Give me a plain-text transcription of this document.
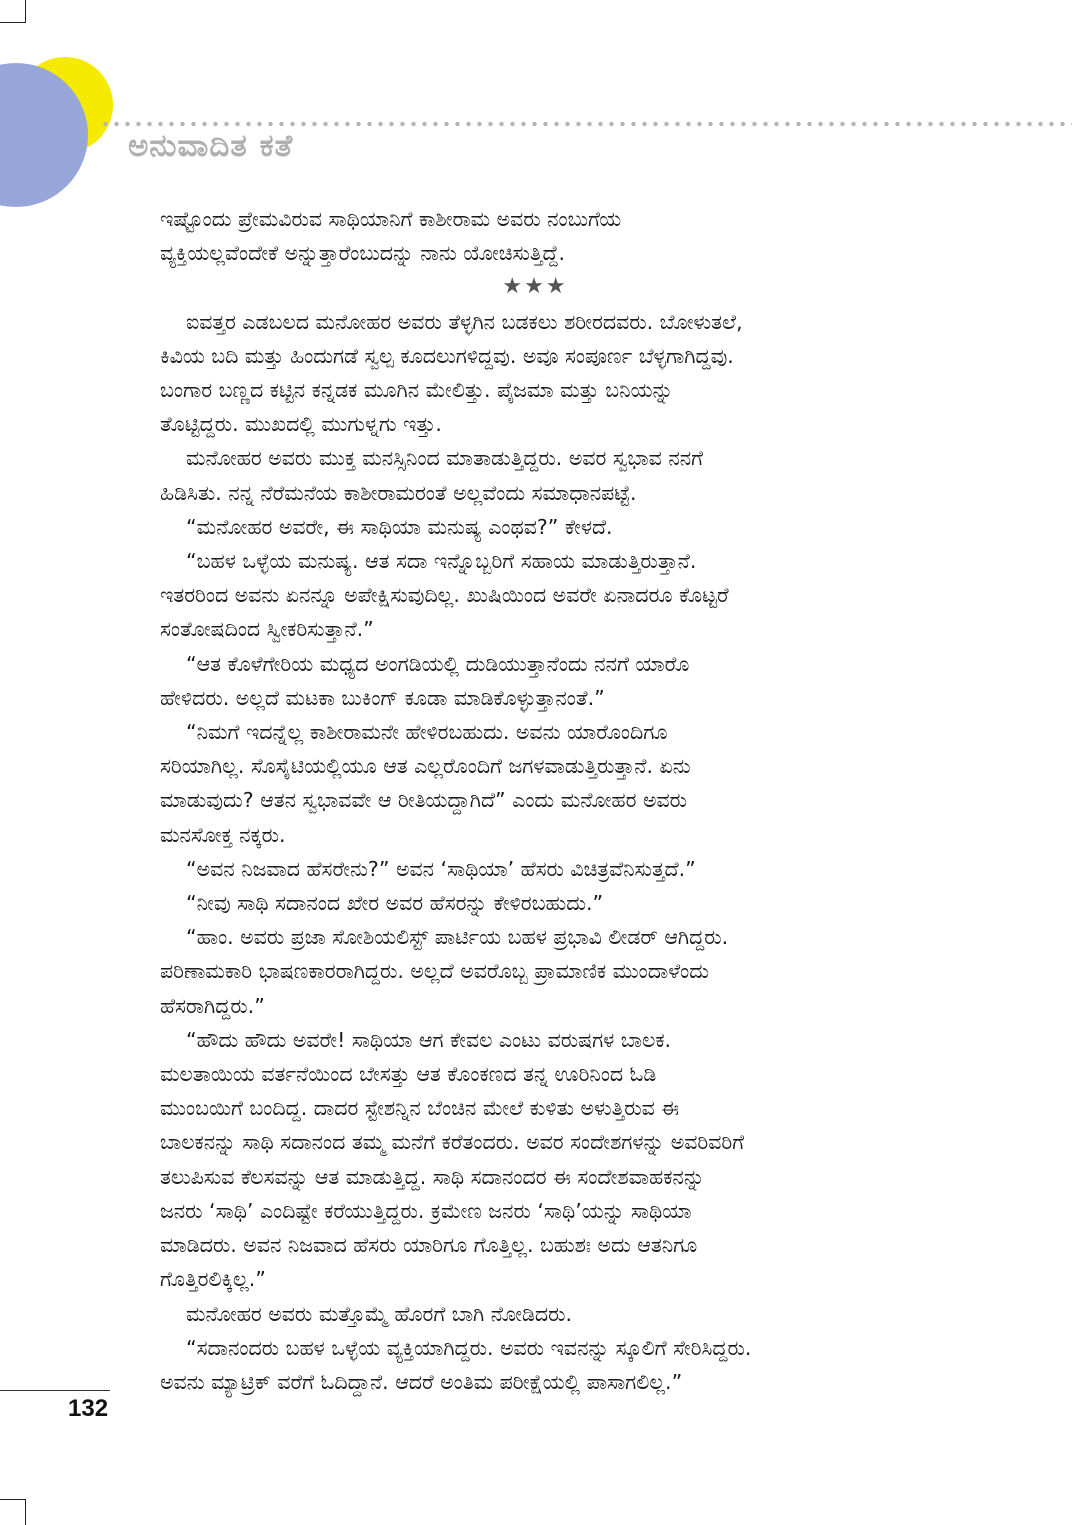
ಅನುವಾದಿತ ಕತೆ

ಇಷ್ಟೊಂದು ಪ್ರೇಮವಿರುವ ಸಾಥಿಯಾನಿಗೆ ಕಾಶೀರಾಮ ಅವರು ನಂಬುಗೆಯ
ವ್ಯಕ್ತಿಯಲ್ಲವೆಂದೇಕೆ ಅನ್ನುತ್ತಾರೆಂಬುದನ್ನು ನಾನು ಯೋಚಿಸುತ್ತಿದ್ದೆ.

★★★

ಐವತ್ತರ ಎಡಬಲದ ಮನೋಹರ ಅವರು ತೆಳ್ಳಗಿನ ಬಡಕಲು ಶರೀರದವರು. ಬೋಳುತಲೆ,
ಕಿವಿಯ ಬದಿ ಮತ್ತು ಹಿಂದುಗಡೆ ಸ್ವಲ್ಪ ಕೂದಲುಗಳಿದ್ದವು. ಅವೂ ಸಂಪೂರ್ಣ ಬೆಳ್ಳಗಾಗಿದ್ದವು.
ಬಂಗಾರ ಬಣ್ಣದ ಕಟ್ಟಿನ ಕನ್ನಡಕ ಮೂಗಿನ ಮೇಲಿತ್ತು. ಪೈಜಮಾ ಮತ್ತು ಬನಿಯನ್ನು
ತೊಟ್ಟಿದ್ದರು. ಮುಖದಲ್ಲಿ ಮುಗುಳ್ನಗು ಇತ್ತು.

ಮನೋಹರ ಅವರು ಮುಕ್ತ ಮನಸ್ಸಿನಿಂದ ಮಾತಾಡುತ್ತಿದ್ದರು. ಅವರ ಸ್ವಭಾವ ನನಗೆ
ಹಿಡಿಸಿತು. ನನ್ನ ನೆರೆಮನೆಯ ಕಾಶೀರಾಮರಂತೆ ಅಲ್ಲವೆಂದು ಸಮಾಧಾನಪಟ್ಟೆ.

“ಮನೋಹರ ಅವರೇ, ಈ ಸಾಥಿಯಾ ಮನುಷ್ಯ ಎಂಥವ?” ಕೇಳದೆ.

“ಬಹಳ ಒಳ್ಳೆಯ ಮನುಷ್ಯ. ಆತ ಸದಾ ಇನ್ನೊಬ್ಬರಿಗೆ ಸಹಾಯ ಮಾಡುತ್ತಿರುತ್ತಾನೆ.
ಇತರರಿಂದ ಅವನು ಏನನ್ನೂ ಅಪೇಕ್ಷಿಸುವುದಿಲ್ಲ. ಖುಷಿಯಿಂದ ಅವರೇ ಏನಾದರೂ ಕೊಟ್ಟರೆ
ಸಂತೋಷದಿಂದ ಸ್ವೀಕರಿಸುತ್ತಾನೆ.”

“ಆತ ಕೊಳೆಗೇರಿಯ ಮಧ್ಯದ ಅಂಗಡಿಯಲ್ಲಿ ದುಡಿಯುತ್ತಾನೆಂದು ನನಗೆ ಯಾರೊ
ಹೇಳಿದರು. ಅಲ್ಲದೆ ಮಟಕಾ ಬುಕಿಂಗ್ ಕೂಡಾ ಮಾಡಿಕೊಳ್ಳುತ್ತಾನಂತೆ.”

“ನಿಮಗೆ ಇದನ್ನೆಲ್ಲ ಕಾಶೀರಾಮನೇ ಹೇಳಿರಬಹುದು. ಅವನು ಯಾರೊಂದಿಗೂ
ಸರಿಯಾಗಿಲ್ಲ. ಸೊಸೈಟಿಯಲ್ಲಿಯೂ ಆತ ಎಲ್ಲರೊಂದಿಗೆ ಜಗಳವಾಡುತ್ತಿರುತ್ತಾನೆ. ಏನು
ಮಾಡುವುದು? ಆತನ ಸ್ವಭಾವವೇ ಆ ರೀತಿಯದ್ದಾಗಿದೆ” ಎಂದು ಮನೋಹರ ಅವರು
ಮನಸೋಕ್ತ ನಕ್ಕರು.

“ಅವನ ನಿಜವಾದ ಹೆಸರೇನು?” ಅವನ ‘ಸಾಥಿಯಾ’ ಹೆಸರು ವಿಚಿತ್ರವೆನಿಸುತ್ತದೆ.”

“ನೀವು ಸಾಥಿ ಸದಾನಂದ ಖೇರ ಅವರ ಹೆಸರನ್ನು ಕೇಳಿರಬಹುದು.”

“ಹಾಂ. ಅವರು ಪ್ರಜಾ ಸೋಶಿಯಲಿಸ್ಟ್ ಪಾರ್ಟಿಯ ಬಹಳ ಪ್ರಭಾವಿ ಲೀಡರ್ ಆಗಿದ್ದರು.
ಪರಿಣಾಮಕಾರಿ ಭಾಷಣಕಾರರಾಗಿದ್ದರು. ಅಲ್ಲದೆ ಅವರೊಬ್ಬ ಪ್ರಾಮಾಣಿಕ ಮುಂದಾಳೆಂದು
ಹೆಸರಾಗಿದ್ದರು.”

“ಹೌದು ಹೌದು ಅವರೇ! ಸಾಥಿಯಾ ಆಗ ಕೇವಲ ಎಂಟು ವರುಷಗಳ ಬಾಲಕ.
ಮಲತಾಯಿಯ ವರ್ತನೆಯಿಂದ ಬೇಸತ್ತು ಆತ ಕೊಂಕಣದ ತನ್ನ ಊರಿನಿಂದ ಓಡಿ
ಮುಂಬಯಿಗೆ ಬಂದಿದ್ದ. ದಾದರ ಸ್ಟೇಶನ್ನಿನ ಬೆಂಚಿನ ಮೇಲೆ ಕುಳಿತು ಅಳುತ್ತಿರುವ ಈ
ಬಾಲಕನನ್ನು ಸಾಥಿ ಸದಾನಂದ ತಮ್ಮ ಮನೆಗೆ ಕರೆತಂದರು. ಅವರ ಸಂದೇಶಗಳನ್ನು ಅವರಿವರಿಗೆ
ತಲುಪಿಸುವ ಕೆಲಸವನ್ನು ಆತ ಮಾಡುತ್ತಿದ್ದ. ಸಾಥಿ ಸದಾನಂದರ ಈ ಸಂದೇಶವಾಹಕನನ್ನು
ಜನರು ‘ಸಾಥಿ’ ಎಂದಿಷ್ಟೇ ಕರೆಯುತ್ತಿದ್ದರು. ಕ್ರಮೇಣ ಜನರು ‘ಸಾಥಿ’ಯನ್ನು ಸಾಥಿಯಾ
ಮಾಡಿದರು. ಅವನ ನಿಜವಾದ ಹೆಸರು ಯಾರಿಗೂ ಗೊತ್ತಿಲ್ಲ. ಬಹುಶಃ ಅದು ಆತನಿಗೂ
ಗೊತ್ತಿರಲಿಕ್ಕಿಲ್ಲ.”

ಮನೋಹರ ಅವರು ಮತ್ತೊಮ್ಮೆ ಹೊರಗೆ ಬಾಗಿ ನೋಡಿದರು.

“ಸದಾನಂದರು ಬಹಳ ಒಳ್ಳೆಯ ವ್ಯಕ್ತಿಯಾಗಿದ್ದರು. ಅವರು ಇವನನ್ನು ಸ್ಕೂಲಿಗೆ ಸೇರಿಸಿದ್ದರು.
ಅವನು ಮ್ಯಾಟ್ರಿಕ್ ವರೆಗೆ ಓದಿದ್ದಾನೆ. ಆದರೆ ಅಂತಿಮ ಪರೀಕ್ಷೆಯಲ್ಲಿ ಪಾಸಾಗಲಿಲ್ಲ.”

132
